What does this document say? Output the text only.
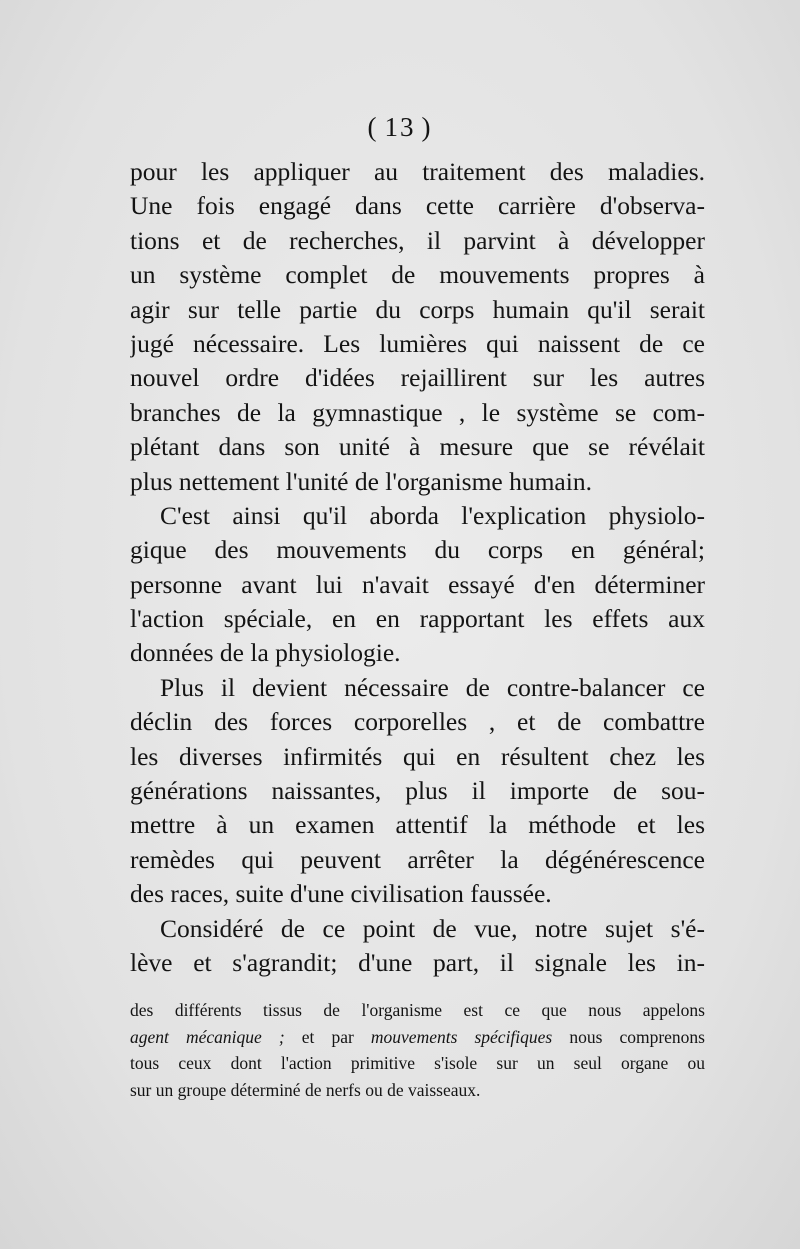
( 13 )
pour les appliquer au traitement des maladies.
Une fois engagé dans cette carrière d'observa-
tions et de recherches, il parvint à développer
un système complet de mouvements propres à
agir sur telle partie du corps humain qu'il serait
jugé nécessaire. Les lumières qui naissent de ce
nouvel ordre d'idées rejaillirent sur les autres
branches de la gymnastique , le système se com-
plétant dans son unité à mesure que se révélait
plus nettement l'unité de l'organisme humain.
C'est ainsi qu'il aborda l'explication physiolo-
gique des mouvements du corps en général;
personne avant lui n'avait essayé d'en déterminer
l'action spéciale, en en rapportant les effets aux
données de la physiologie.
Plus il devient nécessaire de contre-balancer ce
déclin des forces corporelles , et de combattre
les diverses infirmités qui en résultent chez les
générations naissantes, plus il importe de sou-
mettre à un examen attentif la méthode et les
remèdes qui peuvent arrêter la dégénérescence
des races, suite d'une civilisation faussée.
Considéré de ce point de vue, notre sujet s'é-
lève et s'agrandit; d'une part, il signale les in-
des différents tissus de l'organisme est ce que nous appelons
agent mécanique ; et par mouvements spécifiques nous comprenons
tous ceux dont l'action primitive s'isole sur un seul organe ou
sur un groupe déterminé de nerfs ou de vaisseaux.
